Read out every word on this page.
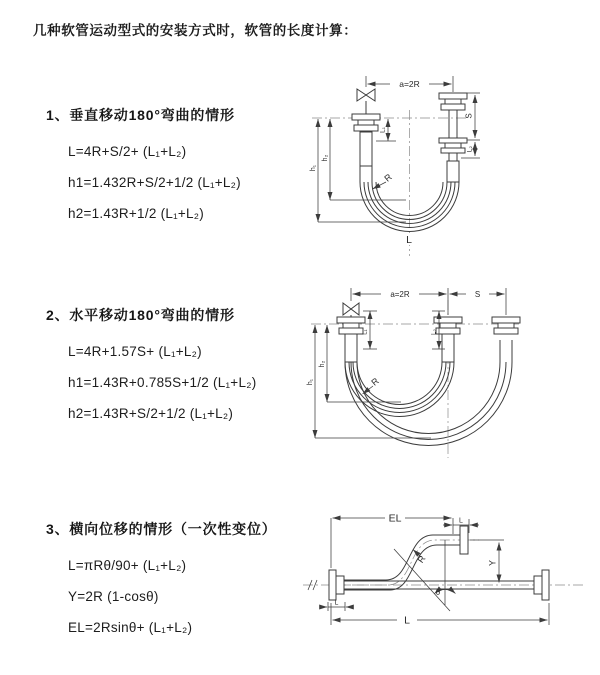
几种软管运动型式的安装方式时，软管的长度计算：

1、垂直移动180°弯曲的情形

L=4R+S/2+ (L₁+L₂)

h1=1.432R+S/2+1/2 (L₁+L₂)

h2=1.43R+1/2 (L₁+L₂)

2、水平移动180°弯曲的情形

L=4R+1.57S+ (L₁+L₂)

h1=1.43R+0.785S+1/2 (L₁+L₂)

h2=1.43R+S/2+1/2 (L₁+L₂)

3、横向位移的情形（一次性变位）

L=πRθ/90+ (L₁+L₂)

Y=2R (1-cosθ)

EL=2Rsinθ+ (L₁+L₂)

a=2R
h₁
h₂
L₁
S
L₂
R
L
a=2R	S
h₁
h₂
L₁	L₂
R
EL	L
Y
θ
R
L
L
